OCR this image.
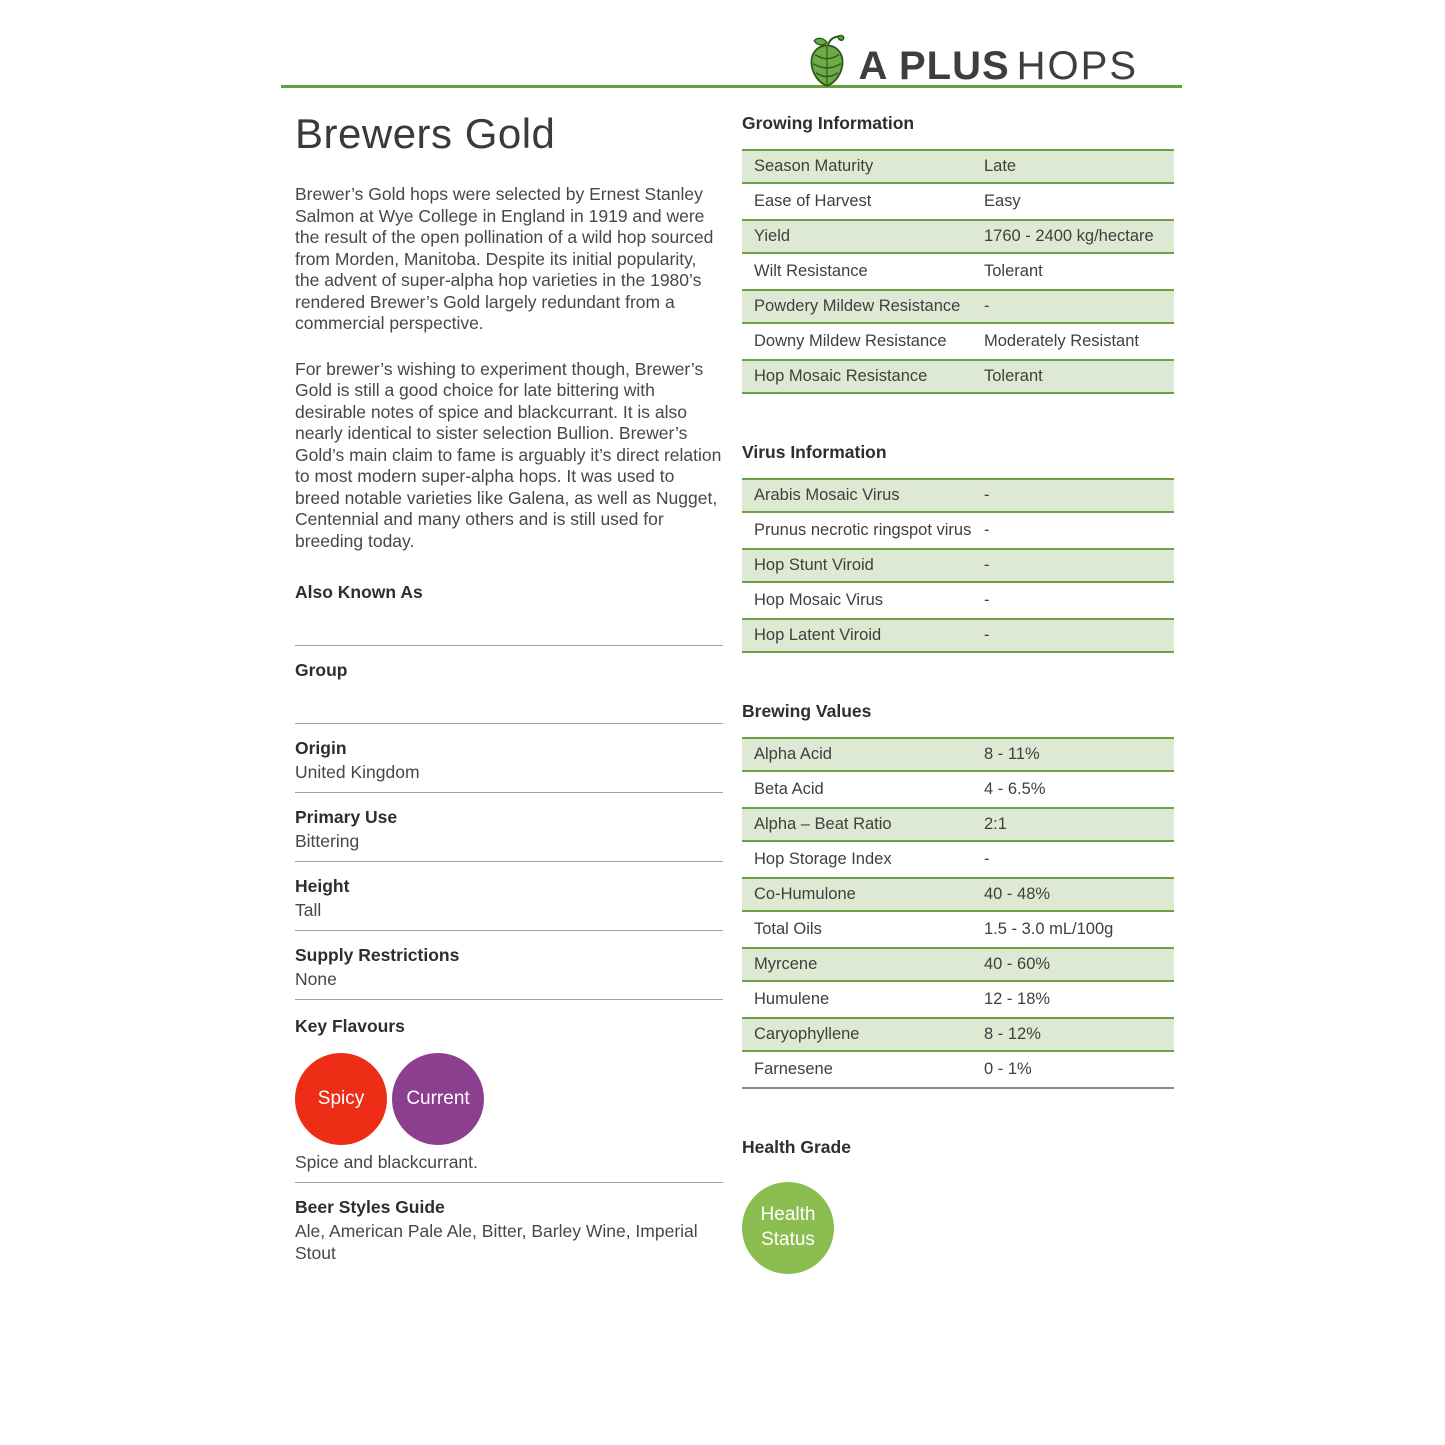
A PLUS HOPS
Brewers Gold

Brewer’s Gold hops were selected by Ernest Stanley Salmon at Wye College in England in 1919 and were the result of the open pollination of a wild hop sourced from Morden, Manitoba. Despite its initial popularity, the advent of super-alpha hop varieties in the 1980’s rendered Brewer’s Gold largely redundant from a commercial perspective.

For brewer’s wishing to experiment though, Brewer’s Gold is still a good choice for late bittering with desirable notes of spice and blackcurrant. It is also nearly identical to sister selection Bullion. Brewer’s Gold’s main claim to fame is arguably it’s direct relation to most modern super-alpha hops. It was used to breed notable varieties like Galena, as well as Nugget, Centennial and many others and is still used for breeding today.

Also Known As
Group
Origin

United Kingdom

Primary Use

Bittering

Height

Tall

Supply Restrictions

None

Key Flavours
Spicy Current

Spice and blackcurrant.

Beer Styles Guide

Ale, American Pale Ale, Bitter, Barley Wine, Imperial Stout

Growing Information
Season Maturity	Late
Ease of Harvest	Easy
Yield	1760 - 2400 kg/hectare
Wilt Resistance	Tolerant
Powdery Mildew Resistance	-
Downy Mildew Resistance	Moderately Resistant
Hop Mosaic Resistance	Tolerant
Virus Information
Arabis Mosaic Virus	-
Prunus necrotic ringspot virus -
Hop Stunt Viroid	-
Hop Mosaic Virus	-
Hop Latent Viroid	-
Brewing Values
Alpha Acid	8 - 11%
Beta Acid	4 - 6.5%
Alpha – Beat Ratio	2:1
Hop Storage Index	-
Co-Humulone	40 - 48%
Total Oils	1.5 - 3.0 mL/100g
Myrcene	40 - 60%
Humulene	12 - 18%
Caryophyllene	8 - 12%
Farnesene	0 - 1%
Health Grade
Health
Status
